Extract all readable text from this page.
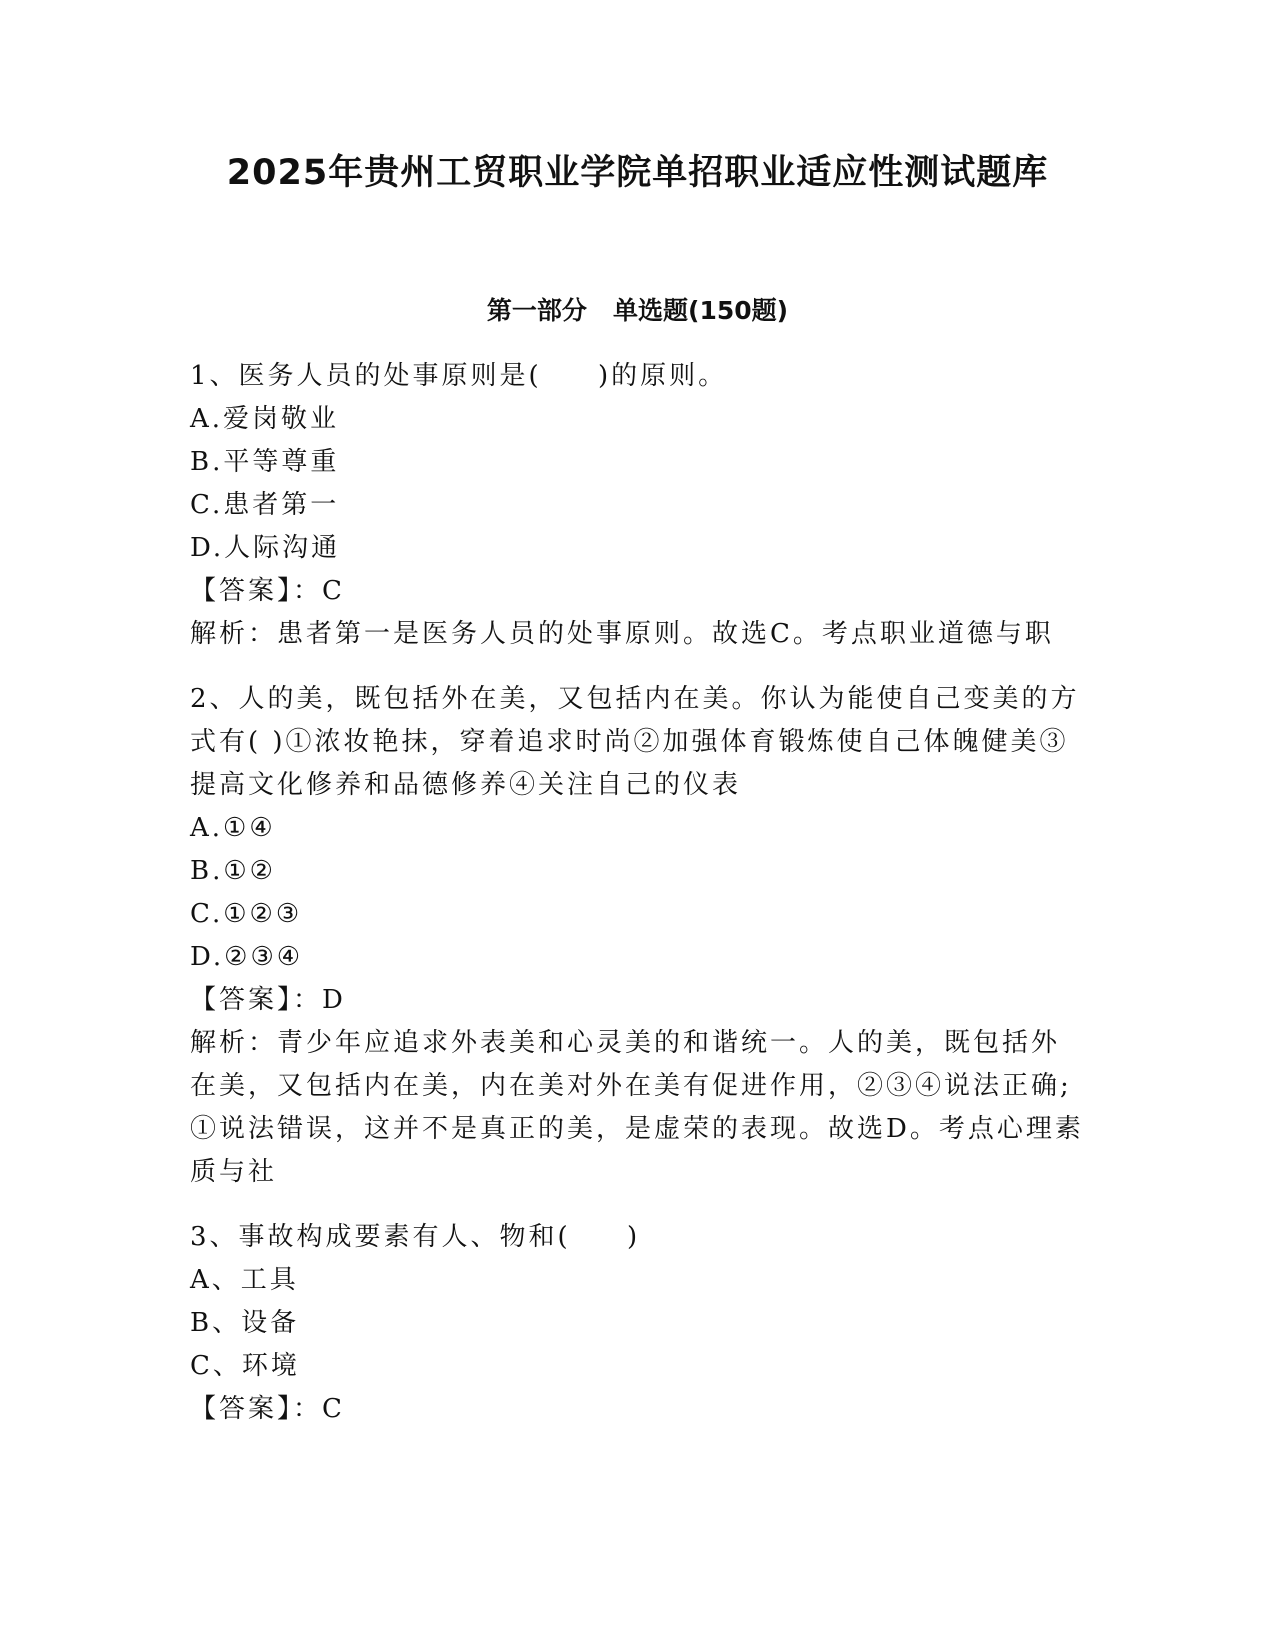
2025年贵州工贸职业学院单招职业适应性测试题库
第一部分   单选题(150题)
1、医务人员的处事原则是(     )的原则。
A.爱岗敬业
B.平等尊重
C.患者第一
D.人际沟通
【答案】：C
解析：患者第一是医务人员的处事原则。故选C。考点职业道德与职
2、人的美，既包括外在美，又包括内在美。你认为能使自己变美的方式有( )①浓妆艳抹，穿着追求时尚②加强体育锻炼使自己体魄健美③提高文化修养和品德修养④关注自己的仪表
A.①④
B.①②
C.①②③
D.②③④
【答案】：D
解析：青少年应追求外表美和心灵美的和谐统一。人的美，既包括外在美，又包括内在美，内在美对外在美有促进作用，②③④说法正确;①说法错误，这并不是真正的美，是虚荣的表现。故选D。考点心理素质与社
3、事故构成要素有人、物和(     )
A、工具
B、设备
C、环境
【答案】：C
